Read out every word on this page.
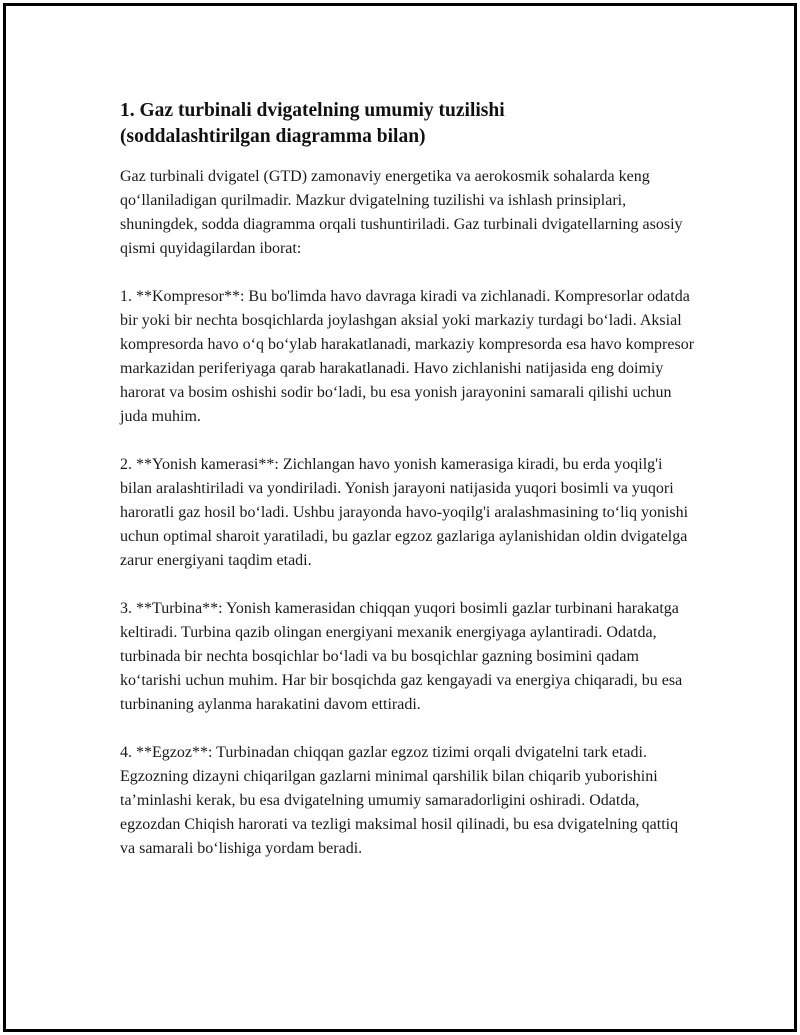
1. Gaz turbinali dvigatelning umumiy tuzilishi
(soddalashtirilgan diagramma bilan)

Gaz turbinali dvigatel (GTD) zamonaviy energetika va aerokosmik sohalarda keng qo‘llaniladigan qurilmadir. Mazkur dvigatelning tuzilishi va ishlash prinsiplari, shuningdek, sodda diagramma orqali tushuntiriladi. Gaz turbinali dvigatellarning asosiy qismi quyidagilardan iborat:

1. **Kompresor**: Bu bo'limda havo davraga kiradi va zichlanadi. Kompresorlar odatda bir yoki bir nechta bosqichlarda joylashgan aksial yoki markaziy turdagi bo‘ladi. Aksial kompresorda havo o‘q bo‘ylab harakatlanadi, markaziy kompresorda esa havo kompresor markazidan periferiyaga qarab harakatlanadi. Havo zichlanishi natijasida eng doimiy harorat va bosim oshishi sodir bo‘ladi, bu esa yonish jarayonini samarali qilishi uchun juda muhim.

2. **Yonish kamerasi**: Zichlangan havo yonish kamerasiga kiradi, bu erda yoqilg'i bilan aralashtiriladi va yondiriladi. Yonish jarayoni natijasida yuqori bosimli va yuqori haroratli gaz hosil bo‘ladi. Ushbu jarayonda havo-yoqilg'i aralashmasining to‘liq yonishi uchun optimal sharoit yaratiladi, bu gazlar egzoz gazlariga aylanishidan oldin dvigatelga zarur energiyani taqdim etadi.

3. **Turbina**: Yonish kamerasidan chiqqan yuqori bosimli gazlar turbinani harakatga keltiradi. Turbina qazib olingan energiyani mexanik energiyaga aylantiradi. Odatda, turbinada bir nechta bosqichlar bo‘ladi va bu bosqichlar gazning bosimini qadam ko‘tarishi uchun muhim. Har bir bosqichda gaz kengayadi va energiya chiqaradi, bu esa turbinaning aylanma harakatini davom ettiradi.

4. **Egzoz**: Turbinadan chiqqan gazlar egzoz tizimi orqali dvigatelni tark etadi. Egzozning dizayni chiqarilgan gazlarni minimal qarshilik bilan chiqarib yuborishini ta’minlashi kerak, bu esa dvigatelning umumiy samaradorligini oshiradi. Odatda, egzozdan Chiqish harorati va tezligi maksimal hosil qilinadi, bu esa dvigatelning qattiq va samarali bo‘lishiga yordam beradi.
